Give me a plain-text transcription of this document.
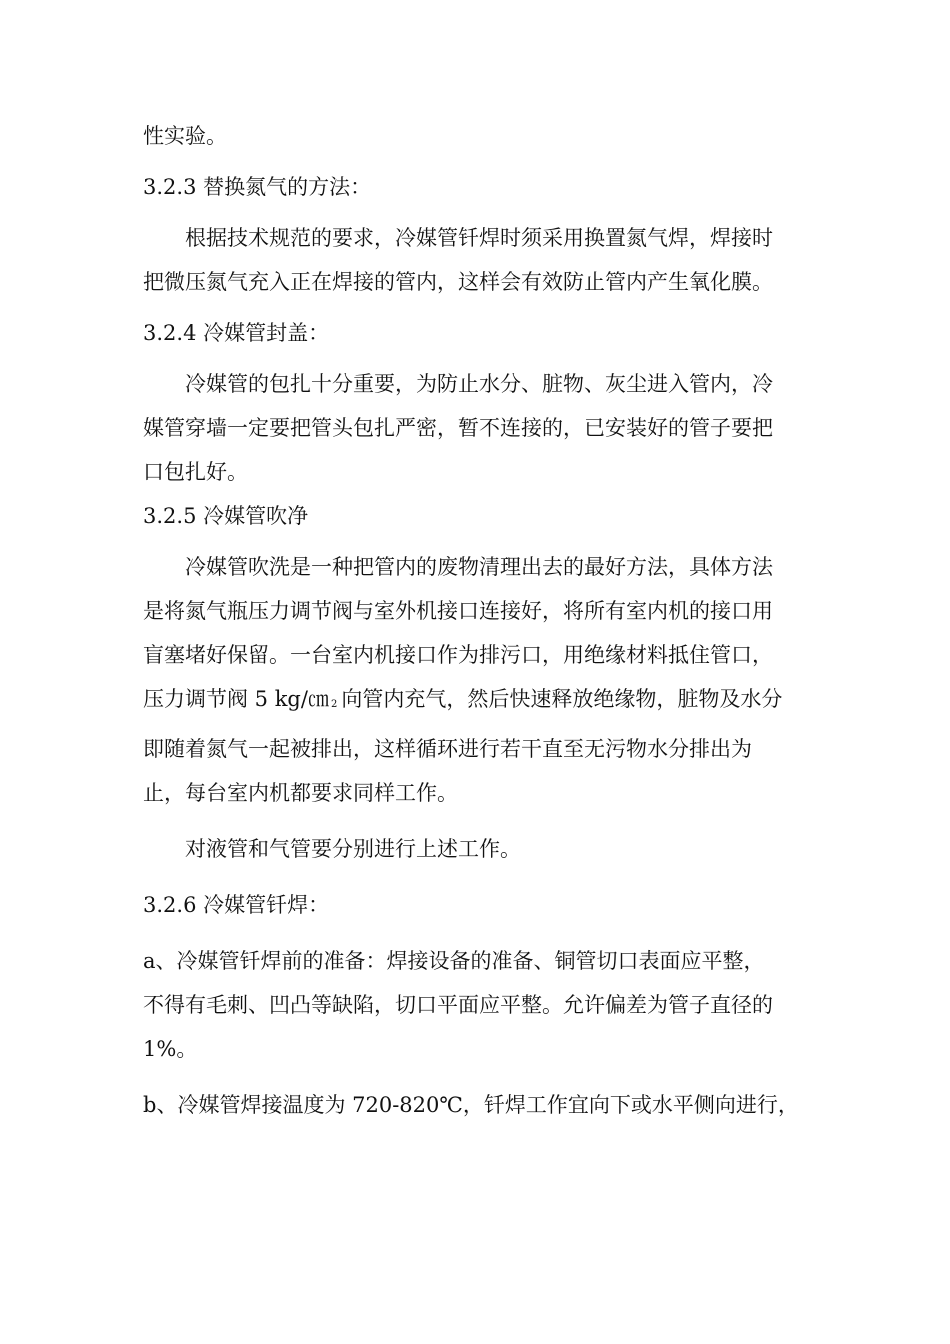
性实验。
3.2.3 替换氮气的方法：
根据技术规范的要求，冷媒管钎焊时须采用换置氮气焊，焊接时
把微压氮气充入正在焊接的管内，这样会有效防止管内产生氧化膜。
3.2.4 冷媒管封盖：
冷媒管的包扎十分重要，为防止水分、脏物、灰尘进入管内，冷
媒管穿墙一定要把管头包扎严密，暂不连接的，已安装好的管子要把
口包扎好。
3.2.5 冷媒管吹净
冷媒管吹洗是一种把管内的废物清理出去的最好方法，具体方法
是将氮气瓶压力调节阀与室外机接口连接好，将所有室内机的接口用
盲塞堵好保留。一台室内机接口作为排污口，用绝缘材料抵住管口，
压力调节阀 5 kg/㎝ $_2$ 向管内充气，然后快速释放绝缘物，脏物及水分
即随着氮气一起被排出，这样循环进行若干直至无污物水分排出为
止，每台室内机都要求同样工作。
对液管和气管要分别进行上述工作。
3.2.6 冷媒管钎焊：
a、冷媒管钎焊前的准备：焊接设备的准备、铜管切口表面应平整，
不得有毛刺、凹凸等缺陷，切口平面应平整。允许偏差为管子直径的
1%。
b、冷媒管焊接温度为 720-820℃，钎焊工作宜向下或水平侧向进行，
